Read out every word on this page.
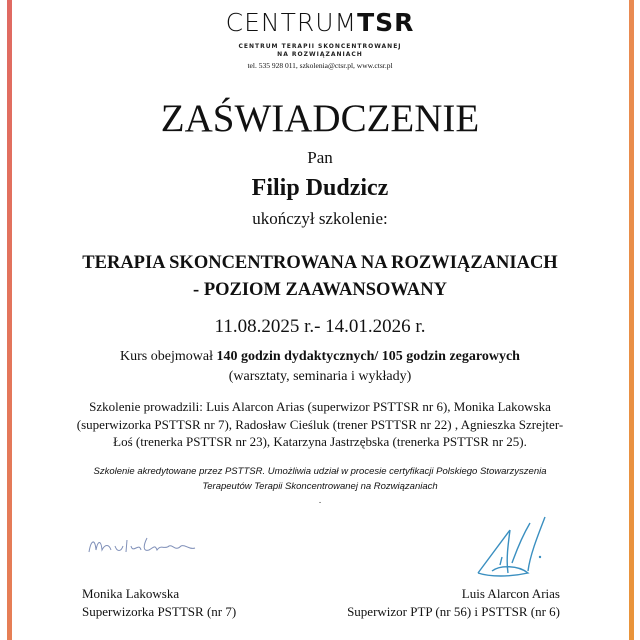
CENTRUMTSR
CENTRUM TERAPII SKONCENTROWANEJ
NA ROZWIĄZANIACH
tel. 535 928 011, szkolenia@ctsr.pl, www.ctsr.pl
ZAŚWIADCZENIE
Pan
Filip Dudzicz
ukończył szkolenie:
TERAPIA SKONCENTROWANA NA ROZWIĄZANIACH
- POZIOM ZAAWANSOWANY
11.08.2025 r.- 14.01.2026 r.
Kurs obejmował 140 godzin dydaktycznych/ 105 godzin zegarowych
(warsztaty, seminaria i wykłady)
Szkolenie prowadzili: Luis Alarcon Arias (superwizor PSTTSR nr 6), Monika Lakowska
(superwizorka PSTTSR nr 7), Radosław Cieśluk (trener PSTTSR nr 22) , Agnieszka Szrejter-
Łoś (trenerka PSTTSR nr 23), Katarzyna Jastrzębska (trenerka PSTTSR nr 25).
Szkolenie akredytowane przez PSTTSR. Umożliwia udział w procesie certyfikacji Polskiego Stowarzyszenia
Terapeutów Terapii Skoncentrowanej na Rozwiązaniach
.
Monika Lakowska
Superwizorka PSTTSR (nr 7)
Luis Alarcon Arias
Superwizor PTP (nr 56) i PSTTSR (nr 6)
